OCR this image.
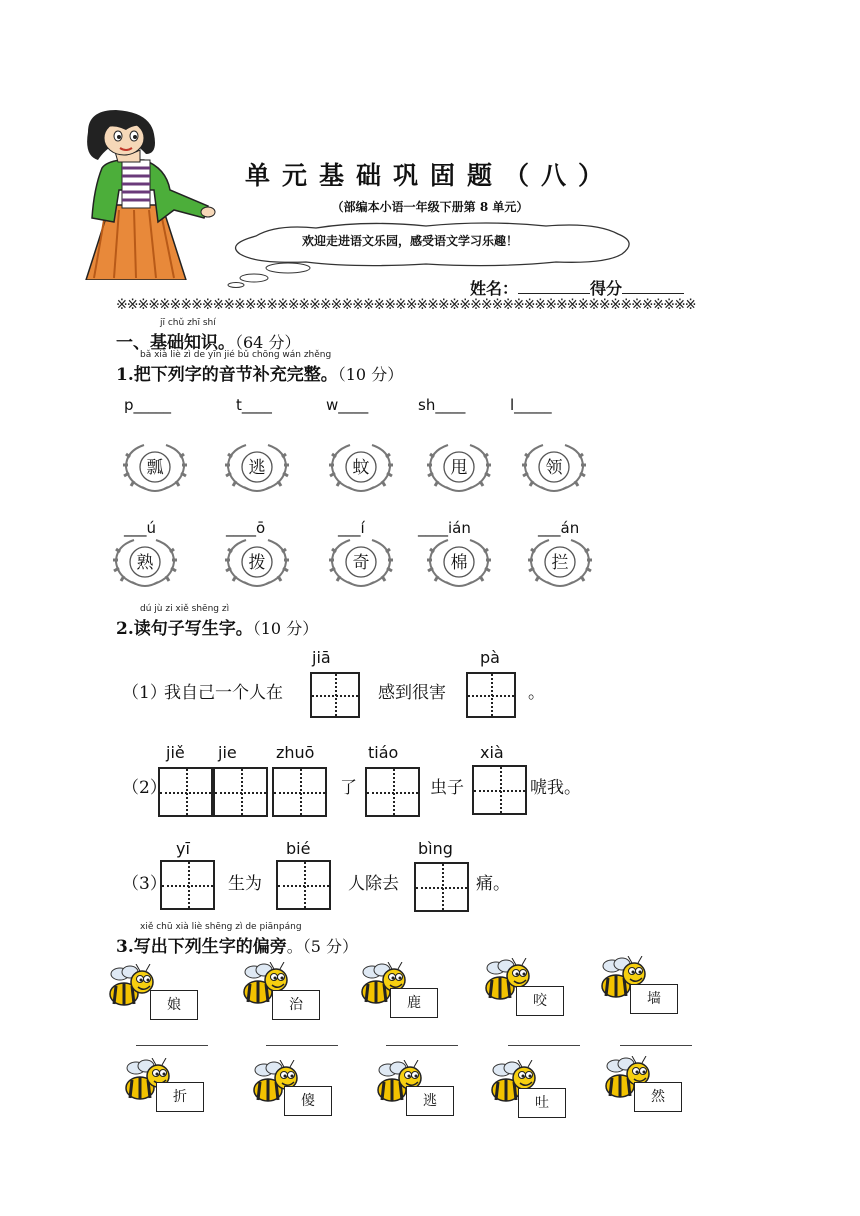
单元基础巩固题（八）
（部编本小语一年级下册第 8 单元）
欢迎走进语文乐园，感受语文学习乐趣！
姓名：	得分
※※※※※※※※※※※※※※※※※※※※※※※※※※※※※※※※※※※※※※※※※※※※※※※※※※※※※※
jī chǔ zhī shí
一、基础知识。（64 分）
bǎ xià liè zì de yīn jié bǔ chōng wán zhěng
1.把下列字的音节补充完整。（10 分）
p_____	t____	w____	sh____	l_____
瓢	逃	蚊	甩	领
___ú	____ō	___í	____ián	___án
熟	拨	奇	棉	拦
dú jù zi xiě shēng zì
2.读句子写生字。（10 分）
jiā	pà
（1）
我自己一个人在	感到很害	。
jiě jie zhuō	tiáo	xià
（2）	了	虫子	唬我。
yī	bié	bìng
（3）	生为	人除去	痛。
xiě chū xià liè shēng zì de piānpáng
3.写出下列生字的偏旁。（5 分）
娘	治	鹿	咬	墙
折	傻	逃	吐	然
